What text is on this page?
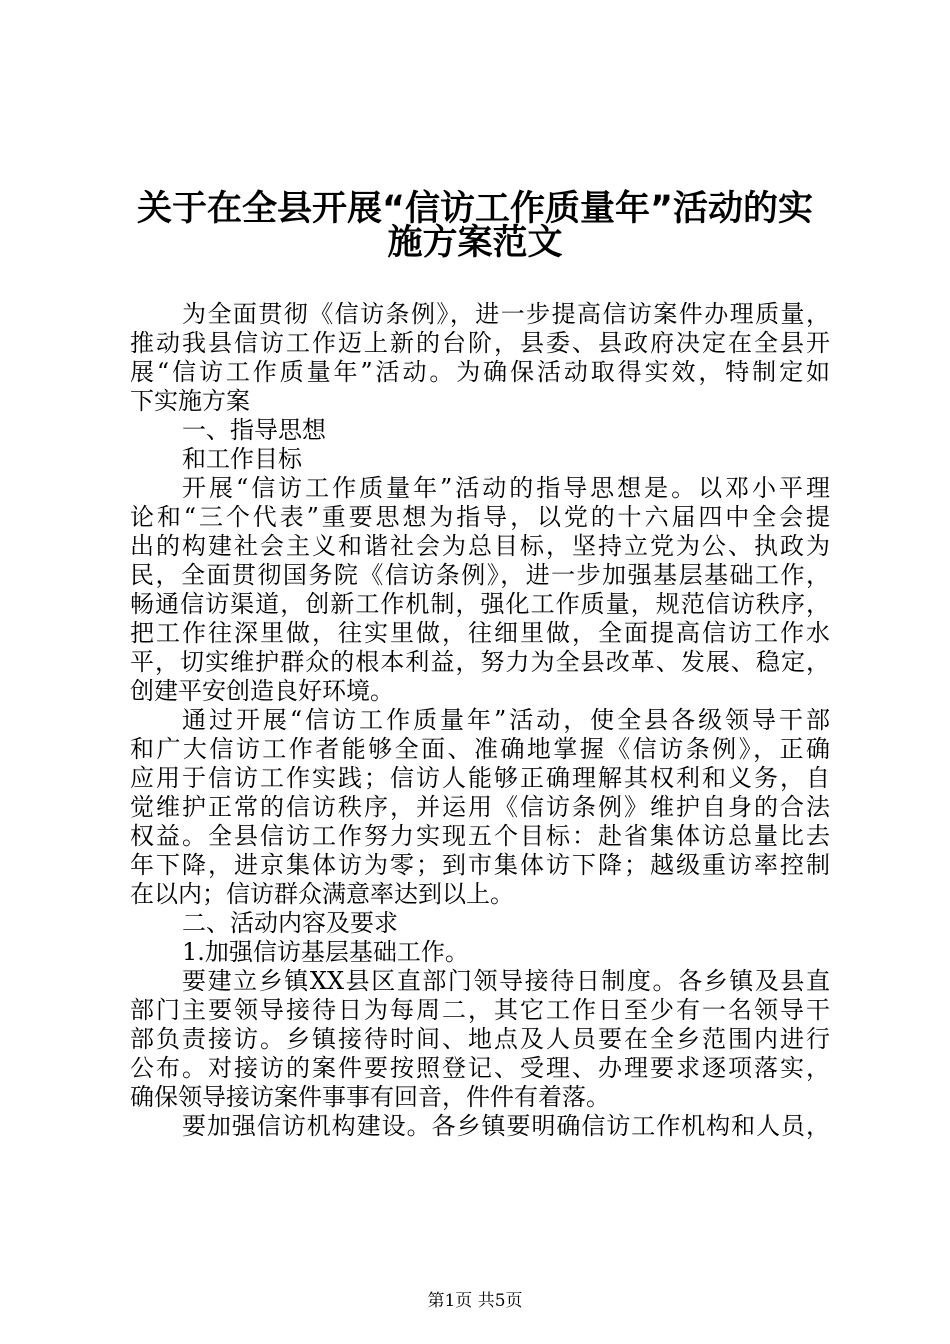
关于在全县开展“信访工作质量年”活动的实
施方案范文
为全面贯彻《信访条例》，进一步提高信访案件办理质量，
推动我县信访工作迈上新的台阶，县委、县政府决定在全县开
展“信访工作质量年”活动。为确保活动取得实效，特制定如
下实施方案
一、指导思想
和工作目标
开展“信访工作质量年”活动的指导思想是。以邓小平理
论和“三个代表”重要思想为指导，以党的十六届四中全会提
出的构建社会主义和谐社会为总目标，坚持立党为公、执政为
民，全面贯彻国务院《信访条例》，进一步加强基层基础工作，
畅通信访渠道，创新工作机制，强化工作质量，规范信访秩序，
把工作往深里做，往实里做，往细里做，全面提高信访工作水
平，切实维护群众的根本利益，努力为全县改革、发展、稳定，
创建平安创造良好环境。
通过开展“信访工作质量年”活动，使全县各级领导干部
和广大信访工作者能够全面、准确地掌握《信访条例》，正确
应用于信访工作实践；信访人能够正确理解其权利和义务，自
觉维护正常的信访秩序，并运用《信访条例》维护自身的合法
权益。全县信访工作努力实现五个目标：赴省集体访总量比去
年下降，进京集体访为零；到市集体访下降；越级重访率控制
在以内；信访群众满意率达到以上。
二、活动内容及要求
1.加强信访基层基础工作。
要建立乡镇XX县区直部门领导接待日制度。各乡镇及县直
部门主要领导接待日为每周二，其它工作日至少有一名领导干
部负责接访。乡镇接待时间、地点及人员要在全乡范围内进行
公布。对接访的案件要按照登记、受理、办理要求逐项落实，
确保领导接访案件事事有回音，件件有着落。
要加强信访机构建设。各乡镇要明确信访工作机构和人员，
第1页 共5页
